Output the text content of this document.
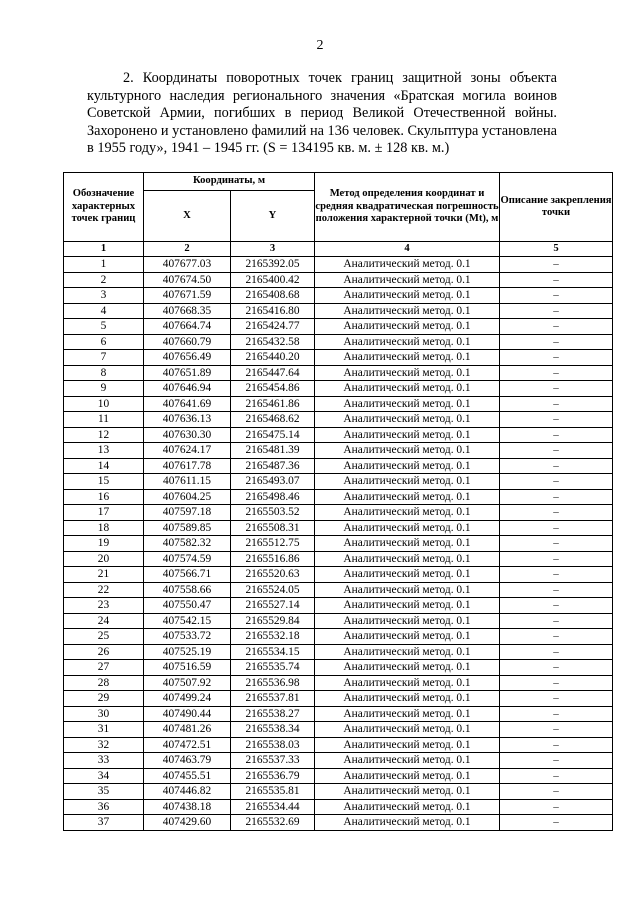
2

2. Координаты поворотных точек границ защитной зоны объекта культурного наследия регионального значения «Братская могила воинов Советской Армии, погибших в период Великой Отечественной войны. Захоронено и установлено фамилий на 136 человек. Скульптура установлена в 1955 году», 1941 – 1945 гг. (S = 134195 кв. м. ± 128 кв. м.)

Обозначение характерных точек границ	Координаты, м		Метод определения координат и средняя квадратическая погрешность положения характерной точки (Mt), м	Описание закрепления точки
	X	Y		
1	2	3	4	5
1	407677.03	2165392.05	Аналитический метод. 0.1	–
2	407674.50	2165400.42	Аналитический метод. 0.1	–
3	407671.59	2165408.68	Аналитический метод. 0.1	–
4	407668.35	2165416.80	Аналитический метод. 0.1	–
5	407664.74	2165424.77	Аналитический метод. 0.1	–
6	407660.79	2165432.58	Аналитический метод. 0.1	–
7	407656.49	2165440.20	Аналитический метод. 0.1	–
8	407651.89	2165447.64	Аналитический метод. 0.1	–
9	407646.94	2165454.86	Аналитический метод. 0.1	–
10	407641.69	2165461.86	Аналитический метод. 0.1	–
11	407636.13	2165468.62	Аналитический метод. 0.1	–
12	407630.30	2165475.14	Аналитический метод. 0.1	–
13	407624.17	2165481.39	Аналитический метод. 0.1	–
14	407617.78	2165487.36	Аналитический метод. 0.1	–
15	407611.15	2165493.07	Аналитический метод. 0.1	–
16	407604.25	2165498.46	Аналитический метод. 0.1	–
17	407597.18	2165503.52	Аналитический метод. 0.1	–
18	407589.85	2165508.31	Аналитический метод. 0.1	–
19	407582.32	2165512.75	Аналитический метод. 0.1	–
20	407574.59	2165516.86	Аналитический метод. 0.1	–
21	407566.71	2165520.63	Аналитический метод. 0.1	–
22	407558.66	2165524.05	Аналитический метод. 0.1	–
23	407550.47	2165527.14	Аналитический метод. 0.1	–
24	407542.15	2165529.84	Аналитический метод. 0.1	–
25	407533.72	2165532.18	Аналитический метод. 0.1	–
26	407525.19	2165534.15	Аналитический метод. 0.1	–
27	407516.59	2165535.74	Аналитический метод. 0.1	–
28	407507.92	2165536.98	Аналитический метод. 0.1	–
29	407499.24	2165537.81	Аналитический метод. 0.1	–
30	407490.44	2165538.27	Аналитический метод. 0.1	–
31	407481.26	2165538.34	Аналитический метод. 0.1	–
32	407472.51	2165538.03	Аналитический метод. 0.1	–
33	407463.79	2165537.33	Аналитический метод. 0.1	–
34	407455.51	2165536.79	Аналитический метод. 0.1	–
35	407446.82	2165535.81	Аналитический метод. 0.1	–
36	407438.18	2165534.44	Аналитический метод. 0.1	–
37	407429.60	2165532.69	Аналитический метод. 0.1	–
